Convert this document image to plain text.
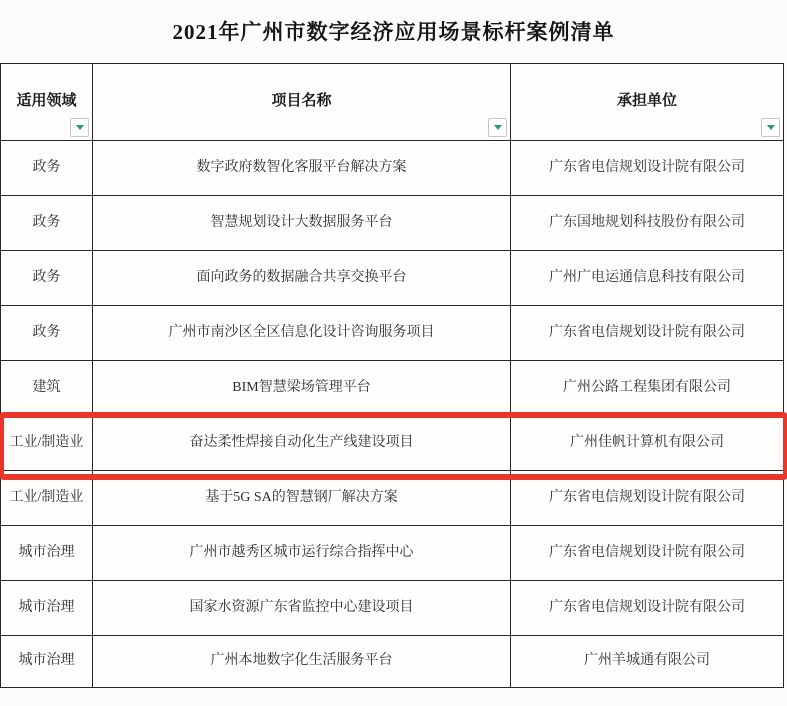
2021年广州市数字经济应用场景标杆案例清单
适用领域	项目名称	承担单位
政务	数字政府数智化客服平台解决方案	广东省电信规划设计院有限公司
政务	智慧规划设计大数据服务平台	广东国地规划科技股份有限公司
政务	面向政务的数据融合共享交换平台	广州广电运通信息科技有限公司
政务	广州市南沙区全区信息化设计咨询服务项目	广东省电信规划设计院有限公司
建筑	BIM智慧梁场管理平台	广州公路工程集团有限公司
工业/制造业	奋达柔性焊接自动化生产线建设项目	广州佳帆计算机有限公司
工业/制造业	基于5G SA的智慧钢厂解决方案	广东省电信规划设计院有限公司
城市治理	广州市越秀区城市运行综合指挥中心	广东省电信规划设计院有限公司
城市治理	国家水资源广东省监控中心建设项目	广东省电信规划设计院有限公司
城市治理	广州本地数字化生活服务平台	广州羊城通有限公司
